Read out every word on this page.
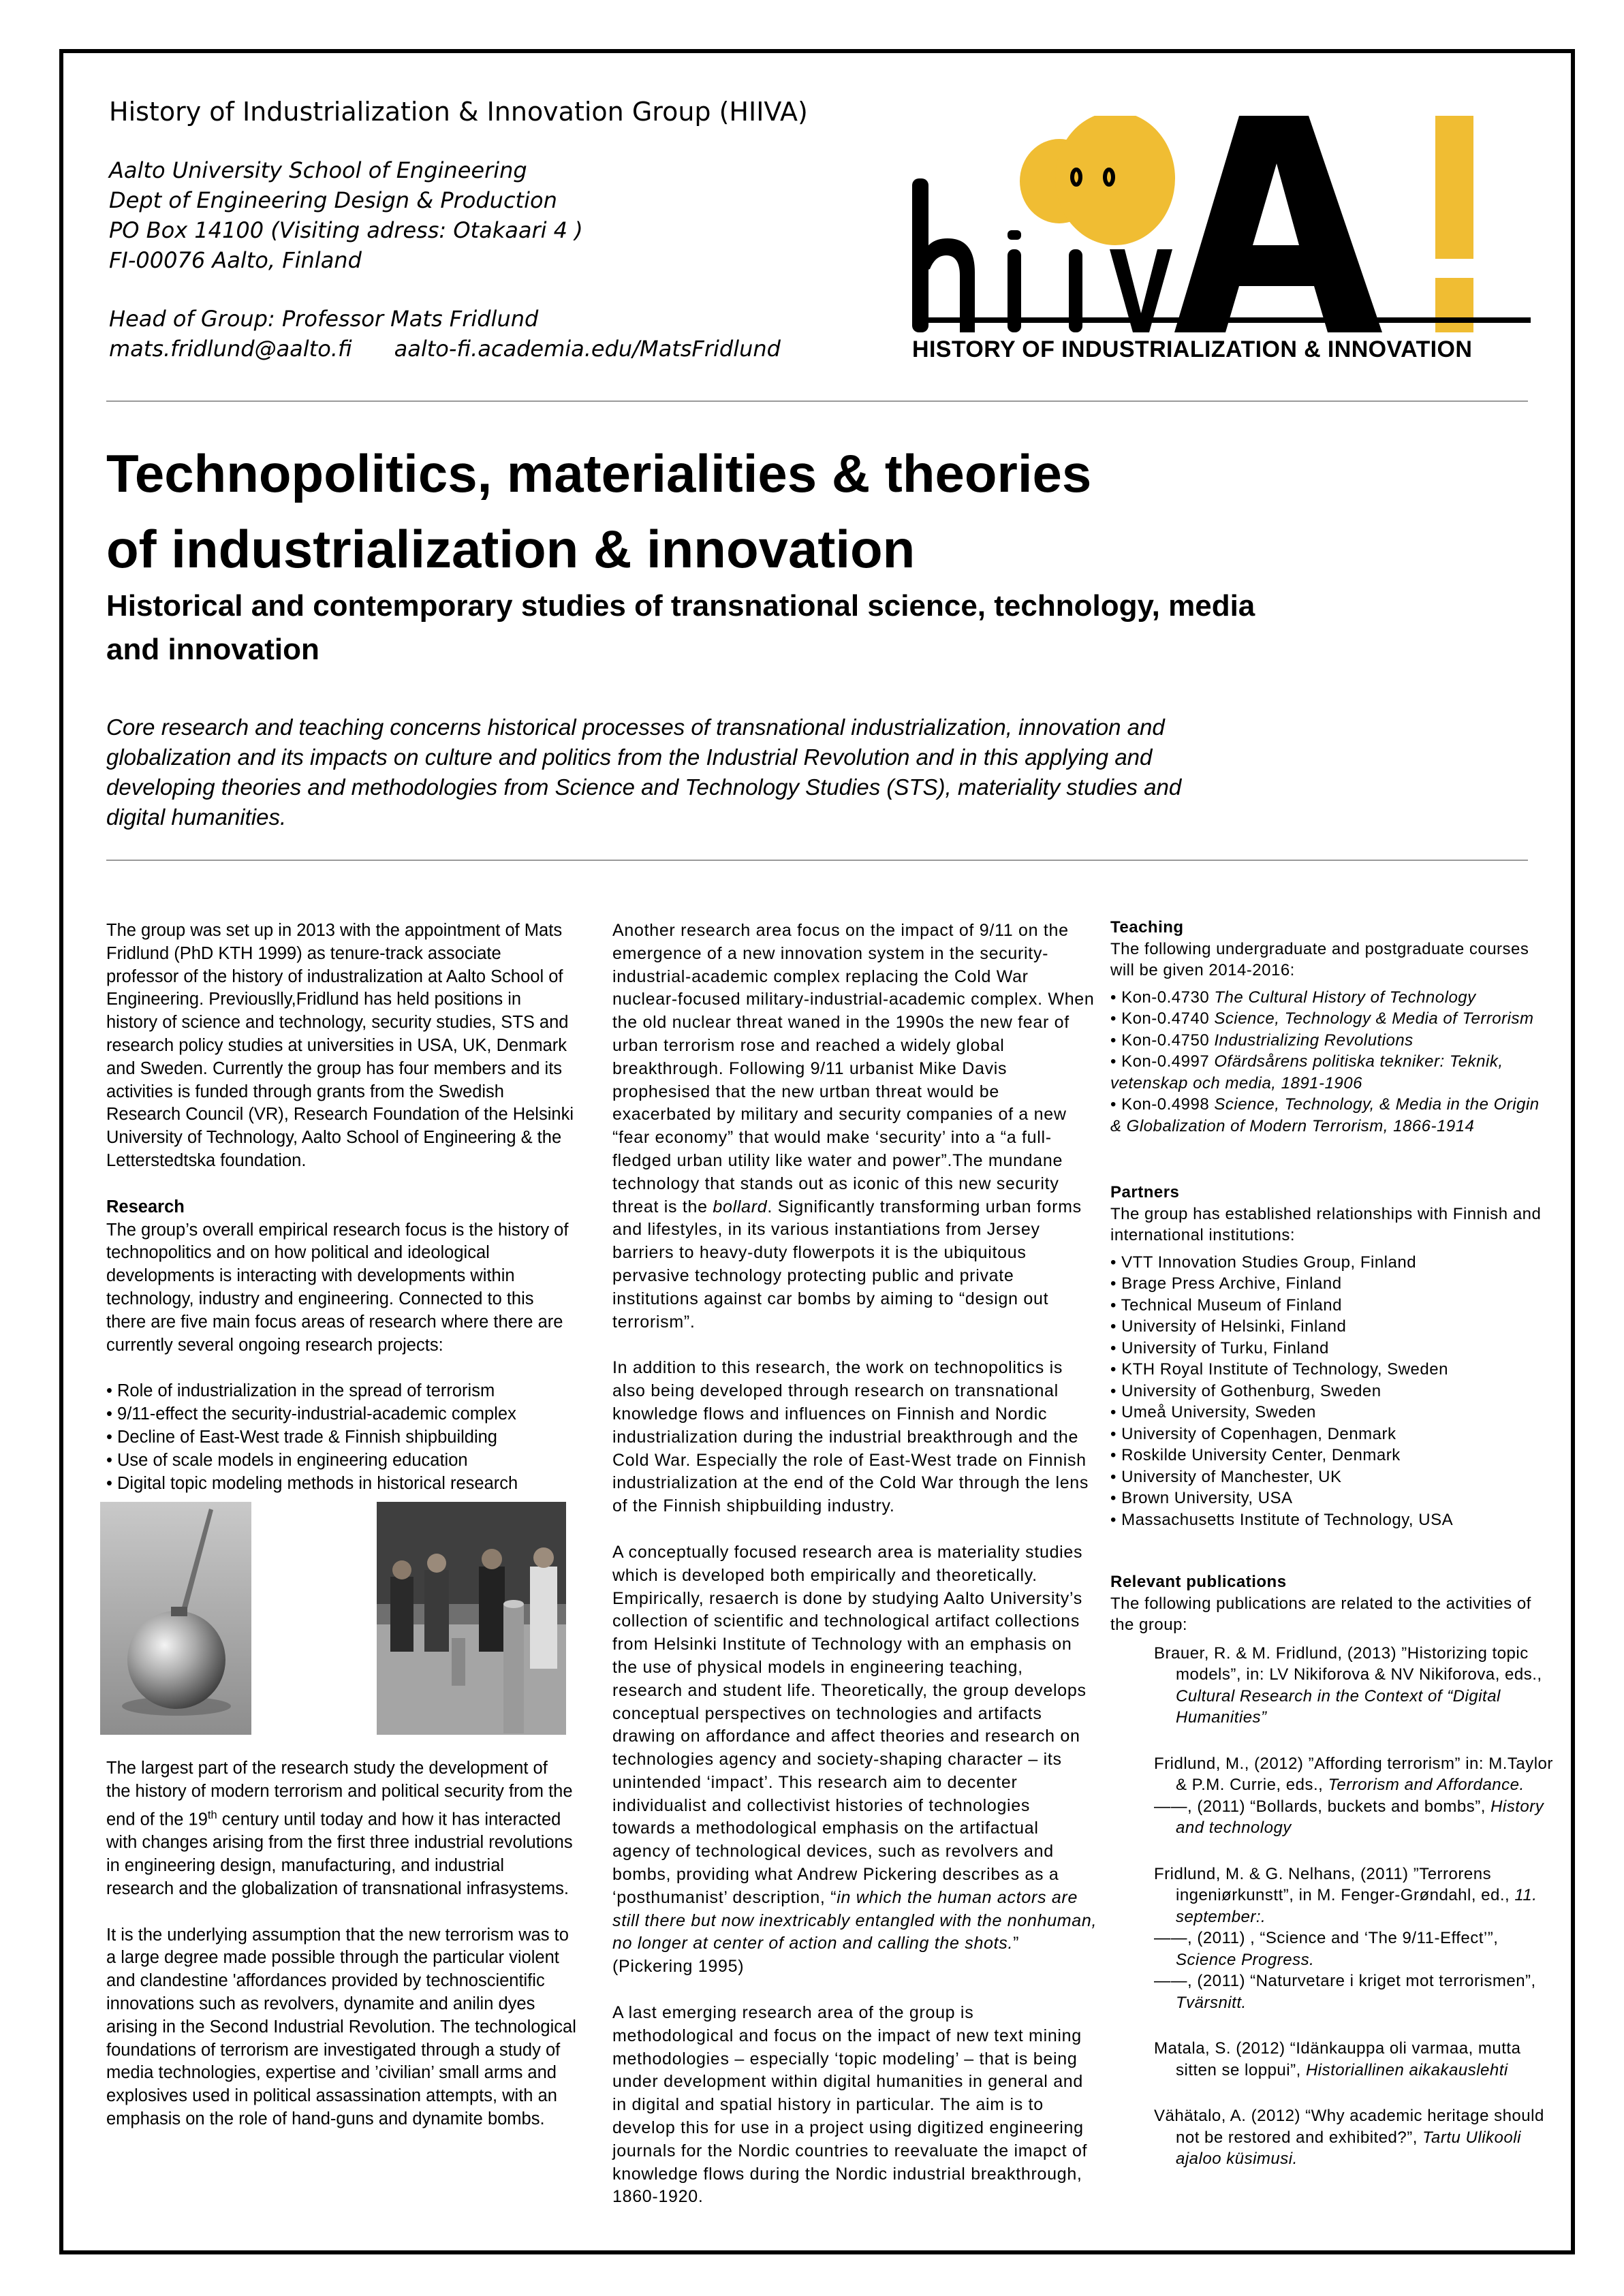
History of Industrialization & Innovation Group (HIIVA)
Aalto University School of Engineering
Dept of Engineering Design & Production
PO Box 14100 (Visiting adress: Otakaari 4 )
FI-00076 Aalto, Finland
Head of Group: Professor Mats Fridlund
mats.fridlund@aalto.fi aalto-fi.academia.edu/MatsFridlund	HISTORY OF INDUSTRIALIZATION & INNOVATION
Technopolitics, materialities & theories
of industrialization & innovation
Historical and contemporary studies of transnational science, technology, media and innovation
Core research and teaching concerns historical processes of transnational industrialization, innovation and globalization and its impacts on culture and politics from the Industrial Revolution and in this applying and developing theories and methodologies from Science and Technology Studies (STS), materiality studies and digital humanities.

The group was set up in 2013 with the appointment of Mats Fridlund (PhD KTH 1999) as tenure-track associate professor of the history of industralization at Aalto School of Engineering. Previouslly,Fridlund has held positions in history of science and technology, security studies, STS and research policy studies at universities in USA, UK, Denmark and Sweden. Currently the group has four members and its activities is funded through grants from the Swedish Research Council (VR), Research Foundation of the Helsinki University of Technology, Aalto School of Engineering & the Letterstedtska foundation.

Research

The group’s overall empirical research focus is the history of technopolitics and on how political and ideological developments is interacting with developments within technology, industry and engineering. Connected to this there are five main focus areas of research where there are currently several ongoing research projects:

• Role of industrialization in the spread of terrorism
• 9/11-effect the security-industrial-academic complex
• Decline of East-West trade & Finnish shipbuilding
• Use of scale models in engineering education
• Digital topic modeling methods in historical research

The largest part of the research study the development of the history of modern terrorism and political security from the end of the 19th century until today and how it has interacted with changes arising from the first three industrial revolutions in engineering design, manufacturing, and industrial research and the globalization of transnational infrasystems.

It is the underlying assumption that the new terrorism was to a large degree made possible through the particular violent and clandestine 'affordances provided by technoscientific innovations such as revolvers, dynamite and anilin dyes arising in the Second Industrial Revolution. The technological foundations of terrorism are investigated through a study of media technologies, expertise and ’civilian’ small arms and explosives used in political assassination attempts, with an emphasis on the role of hand-guns and dynamite bombs.

Another research area focus on the impact of 9/11 on the emergence of a new innovation system in the security-industrial-academic complex replacing the Cold War nuclear-focused military-industrial-academic complex. When the old nuclear threat waned in the 1990s the new fear of urban terrorism rose and reached a widely global breakthrough. Following 9/11 urbanist Mike Davis prophesised that the new urtban threat would be exacerbated by military and security companies of a new “fear economy” that would make ‘security’ into a “a full-fledged urban utility like water and power”.The mundane technology that stands out as iconic of this new security threat is the bollard. Significantly transforming urban forms and lifestyles, in its various instantiations from Jersey barriers to heavy-duty flowerpots it is the ubiquitous pervasive technology protecting public and private institutions against car bombs by aiming to “design out terrorism”.

In addition to this research, the work on technopolitics is also being developed through research on transnational knowledge flows and influences on Finnish and Nordic industrialization during the industrial breakthrough and the Cold War. Especially the role of East-West trade on Finnish industrialization at the end of the Cold War through the lens of the Finnish shipbuilding industry.

A conceptually focused research area is materiality studies which is developed both empirically and theoretically. Empirically, resaerch is done by studying Aalto University’s collection of scientific and technological artifact collections from Helsinki Institute of Technology with an emphasis on the use of physical models in engineering teaching, research and student life. Theoretically, the group develops conceptual perspectives on technologies and artifacts drawing on affordance and affect theories and research on technologies agency and society-shaping character – its unintended ‘impact’. This research aim to decenter individualist and collectivist histories of technologies towards a methodological emphasis on the artifactual agency of technological devices, such as revolvers and bombs, providing what Andrew Pickering describes as a ‘posthumanist’ description, “in which the human actors are still there but now inextricably entangled with the nonhuman, no longer at center of action and calling the shots.” (Pickering 1995)

A last emerging research area of the group is methodological and focus on the impact of new text mining methodologies – especially ‘topic modeling’ – that is being under development within digital humanities in general and in digital and spatial history in particular. The aim is to develop this for use in a project using digitized engineering journals for the Nordic countries to reevaluate the imapct of knowledge flows during the Nordic industrial breakthrough, 1860-1920.

Teaching
The following undergraduate and postgraduate courses will be given 2014-2016:
• Kon-0.4730 The Cultural History of Technology
• Kon-0.4740 Science, Technology & Media of Terrorism
• Kon-0.4750 Industrializing Revolutions
• Kon-0.4997 Ofärdsårens politiska tekniker: Teknik, vetenskap och media, 1891-1906
• Kon-0.4998 Science, Technology, & Media in the Origin & Globalization of Modern Terrorism, 1866-1914
Partners
The group has established relationships with Finnish and international institutions:
• VTT Innovation Studies Group, Finland
• Brage Press Archive, Finland
• Technical Museum of Finland
• University of Helsinki, Finland
• University of Turku, Finland
• KTH Royal Institute of Technology, Sweden
• University of Gothenburg, Sweden
• Umeå University, Sweden
• University of Copenhagen, Denmark
• Roskilde University Center, Denmark
• University of Manchester, UK
• Brown University, USA
• Massachusetts Institute of Technology, USA
Relevant publications
The following publications are related to the activities of the group:

Brauer, R. & M. Fridlund, (2013) ”Historizing topic models”, in: LV Nikiforova & NV Nikiforova, eds., Cultural Research in the Context of “Digital Humanities”

Fridlund, M., (2012) ”Affording terrorism” in: M.Taylor & P.M. Currie, eds., Terrorism and Affordance.
——, (2011) “Bollards, buckets and bombs”, History and technology

Fridlund, M. & G. Nelhans, (2011) ”Terrorens ingeniørkunstt”, in M. Fenger-Grøndahl, ed., 11. september:.
——, (2011) , “Science and ‘The 9/11-Effect’”, Science Progress.
——, (2011) “Naturvetare i kriget mot terrorismen”, Tvärsnitt.

Matala, S. (2012) “Idänkauppa oli varmaa, mutta sitten se loppui”, Historiallinen aikakauslehti

Vähätalo, A. (2012) “Why academic heritage should not be restored and exhibited?”, Tartu Ulikooli ajaloo küsimusi.
